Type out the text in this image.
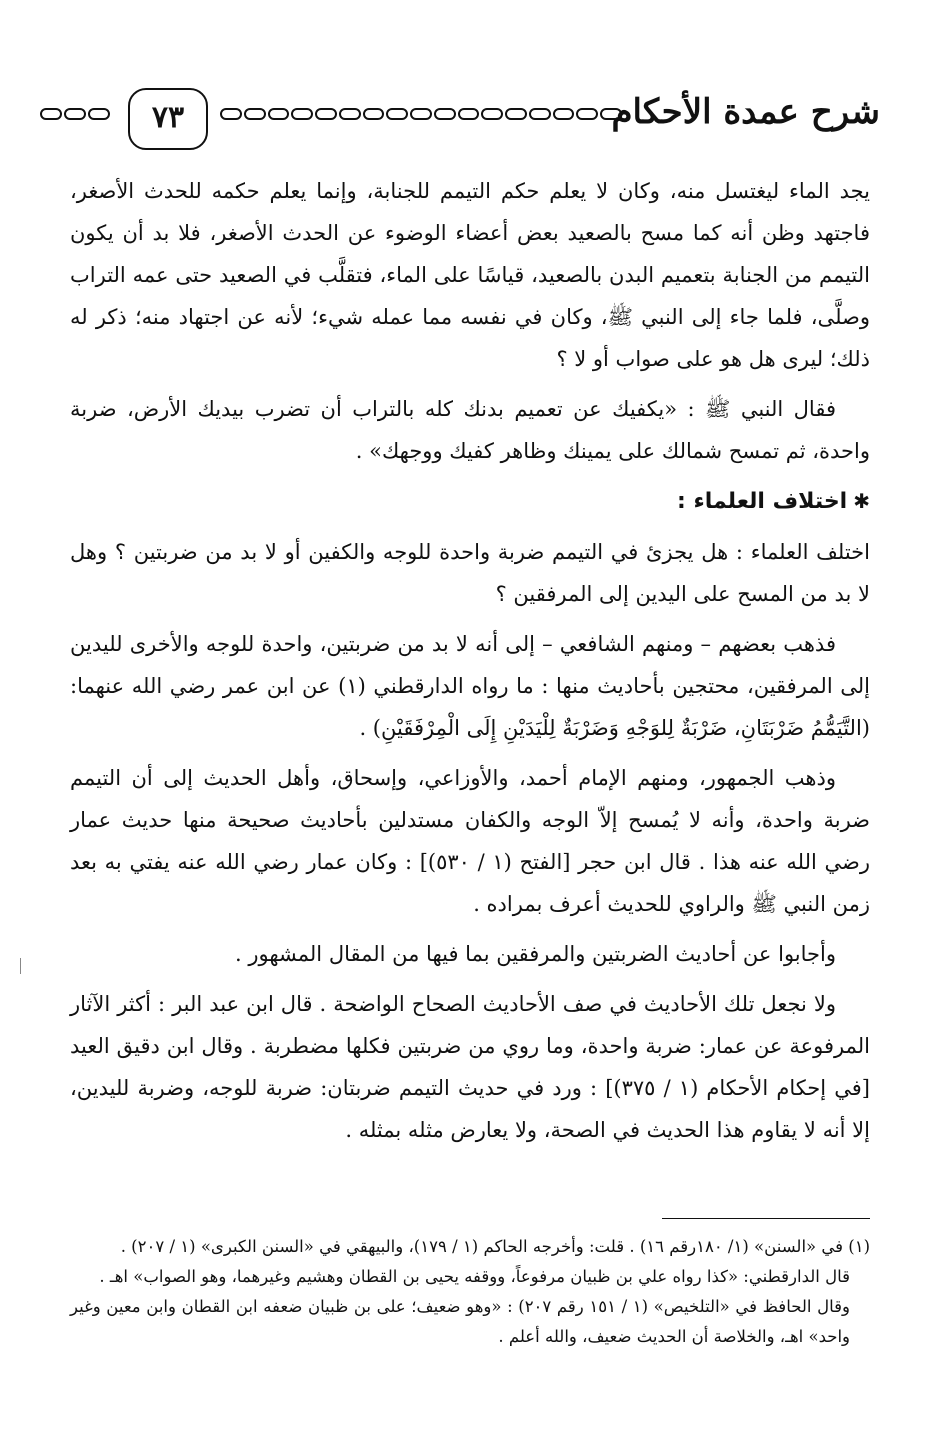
شرح عمدة الأحكام
٧٣

يجد الماء ليغتسل منه، وكان لا يعلم حكم التيمم للجنابة، وإنما يعلم حكمه للحدث الأصغر، فاجتهد وظن أنه كما مسح بالصعيد بعض أعضاء الوضوء عن الحدث الأصغر، فلا بد أن يكون التيمم من الجنابة بتعميم البدن بالصعيد، قياسًا على الماء، فتقلَّب في الصعيد حتى عمه التراب وصلَّى، فلما جاء إلى النبي ﷺ، وكان في نفسه مما عمله شيء؛ لأنه عن اجتهاد منه؛ ذكر له ذلك؛ ليرى هل هو على صواب أو لا ؟

فقال النبي ﷺ : «يكفيك عن تعميم بدنك كله بالتراب أن تضرب بيديك الأرض، ضربة واحدة، ثم تمسح شمالك على يمينك وظاهر كفيك ووجهك» .

✱اختلاف العلماء :

اختلف العلماء : هل يجزئ في التيمم ضربة واحدة للوجه والكفين أو لا بد من ضربتين ؟ وهل لا بد من المسح على اليدين إلى المرفقين ؟

فذهب بعضهم – ومنهم الشافعي – إلى أنه لا بد من ضربتين، واحدة للوجه والأخرى لليدين إلى المرفقين، محتجين بأحاديث منها : ما رواه الدارقطني (١) عن ابن عمر رضي الله عنهما: (التَّيَمُّمُ ضَرْبَتَانِ، ضَرْبَةٌ لِلوَجْهِ وَضَرْبَةٌ لِلْيَدَيْنِ إِلَى الْمِرْفَقَيْنِ) .

وذهب الجمهور، ومنهم الإمام أحمد، والأوزاعي، وإسحاق، وأهل الحديث إلى أن التيمم ضربة واحدة، وأنه لا يُمسح إلاّ الوجه والكفان مستدلين بأحاديث صحيحة منها حديث عمار رضي الله عنه هذا . قال ابن حجر [الفتح (١ / ٥٣٠)] : وكان عمار رضي الله عنه يفتي به بعد زمن النبي ﷺ والراوي للحديث أعرف بمراده .

وأجابوا عن أحاديث الضربتين والمرفقين بما فيها من المقال المشهور .

ولا نجعل تلك الأحاديث في صف الأحاديث الصحاح الواضحة . قال ابن عبد البر : أكثر الآثار المرفوعة عن عمار: ضربة واحدة، وما روي من ضربتين فكلها مضطربة . وقال ابن دقيق العيد [في إحكام الأحكام (١ / ٣٧٥)] : ورد في حديث التيمم ضربتان: ضربة للوجه، وضربة لليدين، إلا أنه لا يقاوم هذا الحديث في الصحة، ولا يعارض مثله بمثله .

(١) في «السنن» (١/ ١٨٠رقم ١٦) . قلت: وأخرجه الحاكم (١ / ١٧٩)، والبيهقي في «السنن الكبرى» (١ / ٢٠٧) .

قال الدارقطني: «كذا رواه علي بن ظبيان مرفوعاً، ووقفه يحيى بن القطان وهشيم وغيرهما، وهو الصواب» اهـ .

وقال الحافظ في «التلخيص» (١ / ١٥١ رقم ٢٠٧) : «وهو ضعيف؛ على بن ظبيان ضعفه ابن القطان وابن معين وغير واحد» اهـ، والخلاصة أن الحديث ضعيف، والله أعلم .
